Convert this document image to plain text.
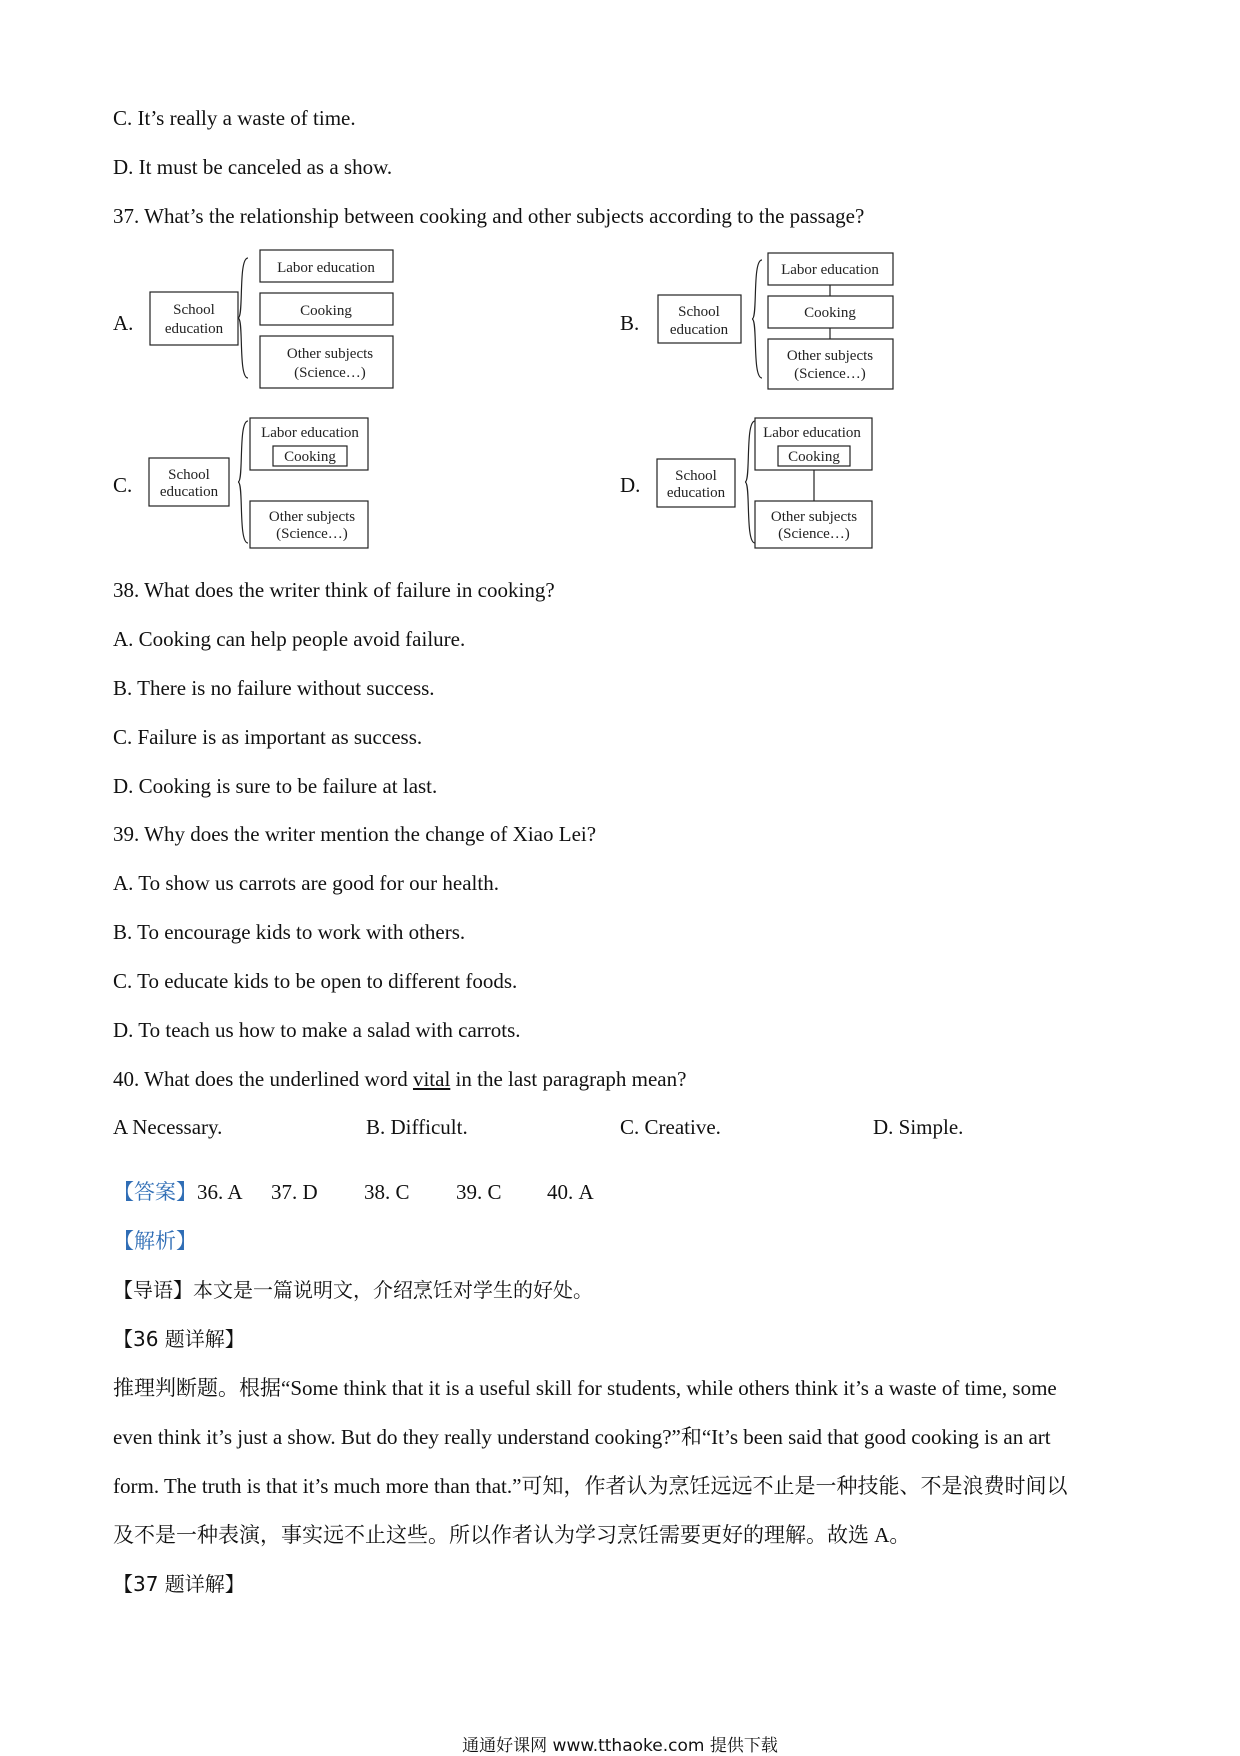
C. It’s really a waste of time.
D. It must be canceled as a show.
37. What’s the relationship between cooking and other subjects according to the passage?
A.	B.
C.	D.
School
education
Labor education
Cooking
Other subjects
(Science…)
School
education
Labor education
Cooking
Other subjects
(Science…)
School
education
Labor education
Cooking
Other subjects
(Science…)
School
education
Labor education
Cooking
Other subjects
(Science…)
38. What does the writer think of failure in cooking?
A. Cooking can help people avoid failure.
B. There is no failure without success.
C. Failure is as important as success.
D. Cooking is sure to be failure at last.
39. Why does the writer mention the change of Xiao Lei?
A. To show us carrots are good for our health.
B. To encourage kids to work with others.
C. To educate kids to be open to different foods.
D. To teach us how to make a salad with carrots.
40. What does the underlined word vital in the last paragraph mean?
A Necessary.	B. Difficult.	C. Creative.	D. Simple.
【答案】36. A 37. D 38. C 39. C 40. A
【解析】
【导语】本文是一篇说明文，介绍烹饪对学生的好处。
【36 题详解】
推理判断题。根据“Some think that it is a useful skill for students, while others think it’s a waste of time, some
even think it’s just a show. But do they really understand cooking?”和“It’s been said that good cooking is an art
form. The truth is that it’s much more than that.”可知，作者认为烹饪远远不止是一种技能、不是浪费时间以
及不是一种表演，事实远不止这些。所以作者认为学习烹饪需要更好的理解。故选 A。
【37 题详解】
通通好课网 www.tthaoke.com 提供下载
